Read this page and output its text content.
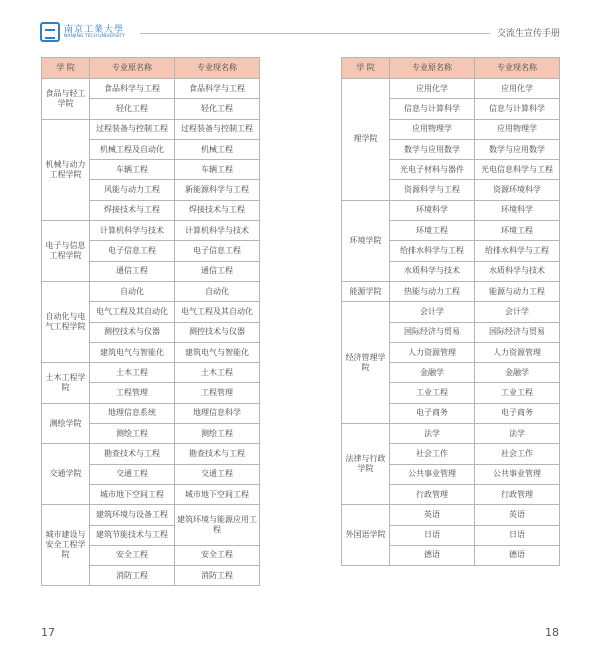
南京工業大學
NANJING TECH UNIVERSITY	交流生宣传手册
学 院	专业原名称	专业现名称
食品与轻工学院	食品科学与工程	食品科学与工程
	轻化工程	轻化工程
机械与动力工程学院	过程装备与控制工程	过程装备与控制工程
	机械工程及自动化	机械工程
	车辆工程	车辆工程
	风能与动力工程	新能源科学与工程
	焊接技术与工程	焊接技术与工程
电子与信息工程学院	计算机科学与技术	计算机科学与技术
	电子信息工程	电子信息工程
	通信工程	通信工程
自动化与电气工程学院	自动化	自动化
	电气工程及其自动化	电气工程及其自动化
	测控技术与仪器	测控技术与仪器
	建筑电气与智能化	建筑电气与智能化
土木工程学院	土木工程	土木工程
	工程管理	工程管理
测绘学院	地理信息系统	地理信息科学
	测绘工程	测绘工程
交通学院	勘查技术与工程	勘查技术与工程
	交通工程	交通工程
	城市地下空间工程	城市地下空间工程
城市建设与安全工程学院	建筑环境与设备工程	建筑环境与能源应用工程
	建筑节能技术与工程	
	安全工程	安全工程
	消防工程	消防工程
学 院	专业原名称	专业现名称
理学院	应用化学	应用化学
	信息与计算科学	信息与计算科学
	应用物理学	应用物理学
	数学与应用数学	数学与应用数学
	光电子材料与器件	光电信息科学与工程
	资源科学与工程	资源环境科学
环境学院	环境科学	环境科学
	环境工程	环境工程
	给排水科学与工程	给排水科学与工程
	水质科学与技术	水质科学与技术
能源学院	热能与动力工程	能源与动力工程
经济管理学院	会计学	会计学
	国际经济与贸易	国际经济与贸易
	人力资源管理	人力资源管理
	金融学	金融学
	工业工程	工业工程
	电子商务	电子商务
法律与行政学院	法学	法学
	社会工作	社会工作
	公共事业管理	公共事业管理
	行政管理	行政管理
外国语学院	英语	英语
	日语	日语
	德语	德语
17	18
